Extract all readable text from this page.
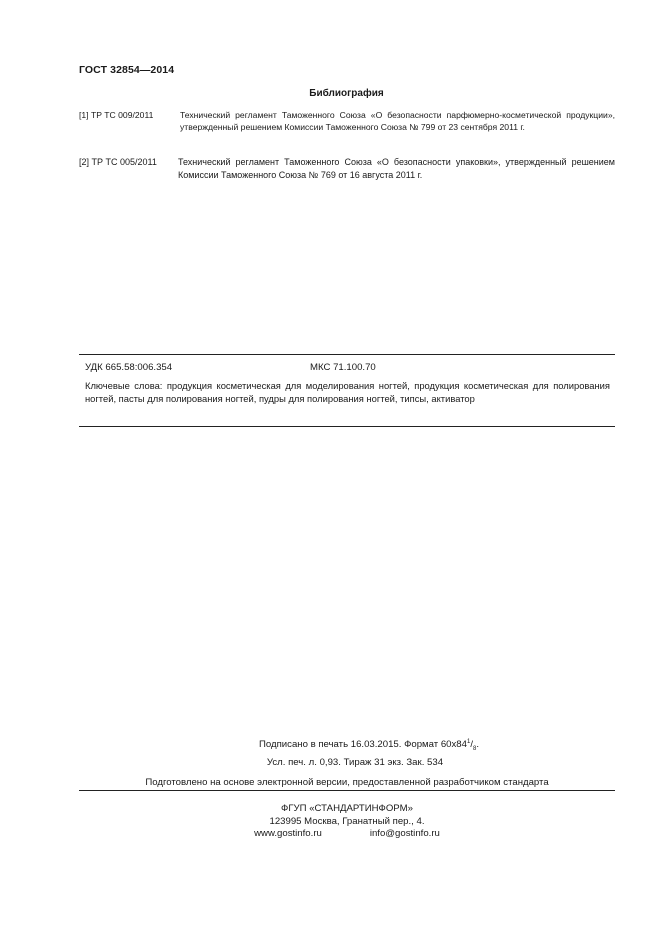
ГОСТ 32854—2014
Библиография
[1] ТР ТС 009/2011	Технический регламент Таможенного Союза «О безопасности парфюмерно-косметической продукции», утвержденный решением Комиссии Таможенного Союза № 799 от 23 сентября 2011 г.
[2] ТР ТС 005/2011 Технический регламент Таможенного Союза «О безопасности упаковки», утвержденный решением Комиссии Таможенного Союза № 769 от 16 августа 2011 г.
УДК 665.58:006.354	МКС 71.100.70
Ключевые слова: продукция косметическая для моделирования ногтей, продукция косметическая для полирования ногтей, пасты для полирования ногтей, пудры для полирования ногтей, типсы, активатор
Подписано в печать 16.03.2015. Формат $60х84^1/_8$.
Усл. печ. л. 0,93. Тираж 31 экз. Зак. 534
Подготовлено на основе электронной версии, предоставленной разработчиком стандарта
ФГУП «СТАНДАРТИНФОРМ»
123995 Москва, Гранатный пер., 4.
www.gostinfo.ru	info@gostinfo.ru
